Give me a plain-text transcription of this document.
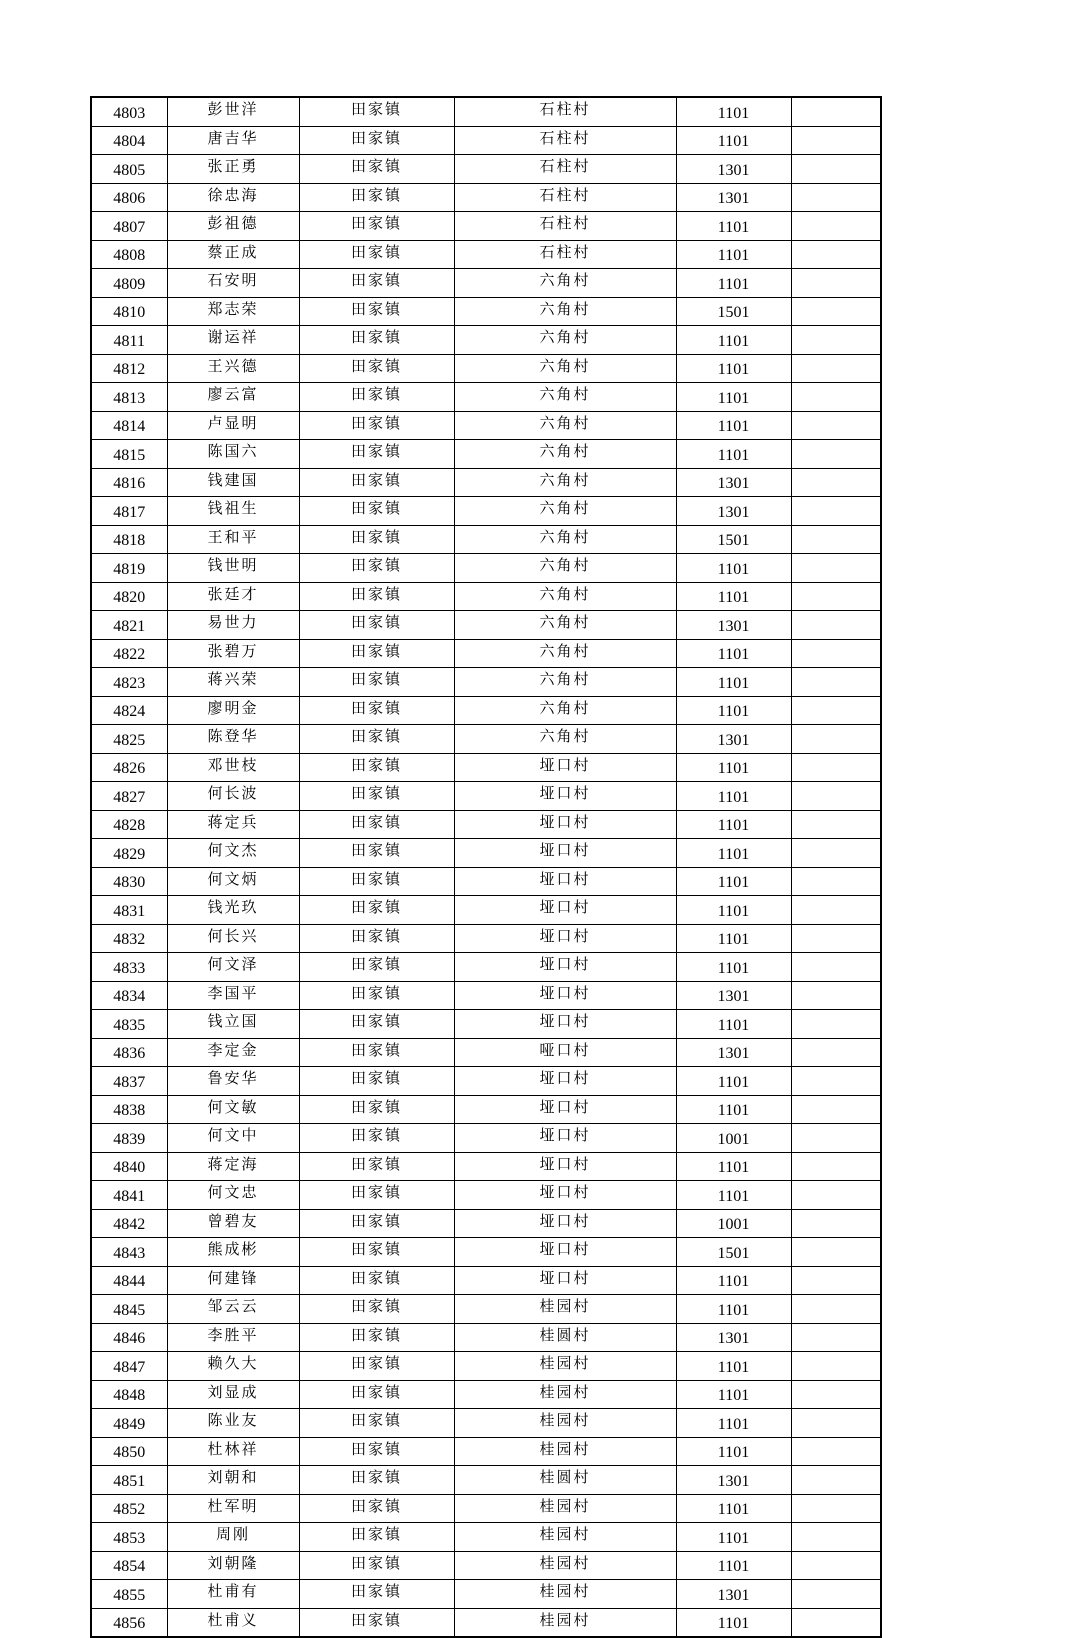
4803	彭世洋	田家镇	石柱村	1101	
4804	唐吉华	田家镇	石柱村	1101	
4805	张正勇	田家镇	石柱村	1301	
4806	徐忠海	田家镇	石柱村	1301	
4807	彭祖德	田家镇	石柱村	1101	
4808	蔡正成	田家镇	石柱村	1101	
4809	石安明	田家镇	六角村	1101	
4810	郑志荣	田家镇	六角村	1501	
4811	谢运祥	田家镇	六角村	1101	
4812	王兴德	田家镇	六角村	1101	
4813	廖云富	田家镇	六角村	1101	
4814	卢显明	田家镇	六角村	1101	
4815	陈国六	田家镇	六角村	1101	
4816	钱建国	田家镇	六角村	1301	
4817	钱祖生	田家镇	六角村	1301	
4818	王和平	田家镇	六角村	1501	
4819	钱世明	田家镇	六角村	1101	
4820	张廷才	田家镇	六角村	1101	
4821	易世力	田家镇	六角村	1301	
4822	张碧万	田家镇	六角村	1101	
4823	蒋兴荣	田家镇	六角村	1101	
4824	廖明金	田家镇	六角村	1101	
4825	陈登华	田家镇	六角村	1301	
4826	邓世枝	田家镇	垭口村	1101	
4827	何长波	田家镇	垭口村	1101	
4828	蒋定兵	田家镇	垭口村	1101	
4829	何文杰	田家镇	垭口村	1101	
4830	何文炳	田家镇	垭口村	1101	
4831	钱光玖	田家镇	垭口村	1101	
4832	何长兴	田家镇	垭口村	1101	
4833	何文泽	田家镇	垭口村	1101	
4834	李国平	田家镇	垭口村	1301	
4835	钱立国	田家镇	垭口村	1101	
4836	李定金	田家镇	哑口村	1301	
4837	鲁安华	田家镇	垭口村	1101	
4838	何文敏	田家镇	垭口村	1101	
4839	何文中	田家镇	垭口村	1001	
4840	蒋定海	田家镇	垭口村	1101	
4841	何文忠	田家镇	垭口村	1101	
4842	曾碧友	田家镇	垭口村	1001	
4843	熊成彬	田家镇	垭口村	1501	
4844	何建锋	田家镇	垭口村	1101	
4845	邹云云	田家镇	桂园村	1101	
4846	李胜平	田家镇	桂圆村	1301	
4847	赖久大	田家镇	桂园村	1101	
4848	刘显成	田家镇	桂园村	1101	
4849	陈业友	田家镇	桂园村	1101	
4850	杜林祥	田家镇	桂园村	1101	
4851	刘朝和	田家镇	桂圆村	1301	
4852	杜军明	田家镇	桂园村	1101	
4853	周刚	田家镇	桂园村	1101	
4854	刘朝隆	田家镇	桂园村	1101	
4855	杜甫有	田家镇	桂园村	1301	
4856	杜甫义	田家镇	桂园村	1101	
